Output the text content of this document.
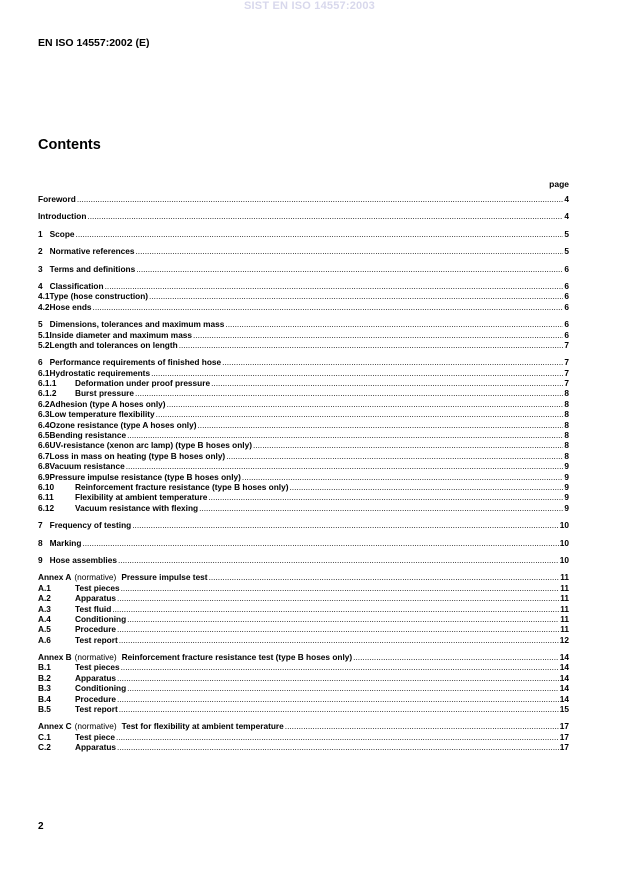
SIST EN ISO 14557:2003
EN ISO 14557:2002 (E)
Contents
page
Foreword .....	4
Introduction .....	4
1 Scope .....	5
2 Normative references .....	5
3 Terms and definitions .....	6
4 Classification .....	6
4.1 Type (hose construction) .....	6
4.2 Hose ends .....	6
5 Dimensions, tolerances and maximum mass .....	6
5.1 Inside diameter and maximum mass .....	6
5.2 Length and tolerances on length .....	7
6 Performance requirements of finished hose .....	7
6.1 Hydrostatic requirements .....	7
6.1.1	Deformation under proof pressure .....	7
6.1.2	Burst pressure .....	8
6.2 Adhesion (type A hoses only) .....	8
6.3 Low temperature flexibility .....	8
6.4 Ozone resistance (type A hoses only) .....	8
6.5 Bending resistance .....	8
6.6 UV-resistance (xenon arc lamp) (type B hoses only) .....	8
6.7 Loss in mass on heating (type B hoses only) .....	8
6.8 Vacuum resistance .....	9
6.9 Pressure impulse resistance (type B hoses only) .....	9
6.10	Reinforcement fracture resistance (type B hoses only) .....	9
6.11	Flexibility at ambient temperature .....	9
6.12	Vacuum resistance with flexing .....	9
7 Frequency of testing .....	10
8 Marking .....	10
9 Hose assemblies .....	10
Annex A (normative) Pressure impulse test .....	11
A.1	Test pieces .....	11
A.2	Apparatus .....	11
A.3	Test fluid .....	11
A.4	Conditioning .....	11
A.5	Procedure .....	11
A.6	Test report .....	12
Annex B (normative) Reinforcement fracture resistance test (type B hoses only) .....	14
B.1	Test pieces .....	14
B.2	Apparatus .....	14
B.3	Conditioning .....	14
B.4	Procedure .....	14
B.5	Test report .....	15
Annex C (normative) Test for flexibility at ambient temperature .....	17
C.1	Test piece .....	17
C.2	Apparatus .....	17
2
